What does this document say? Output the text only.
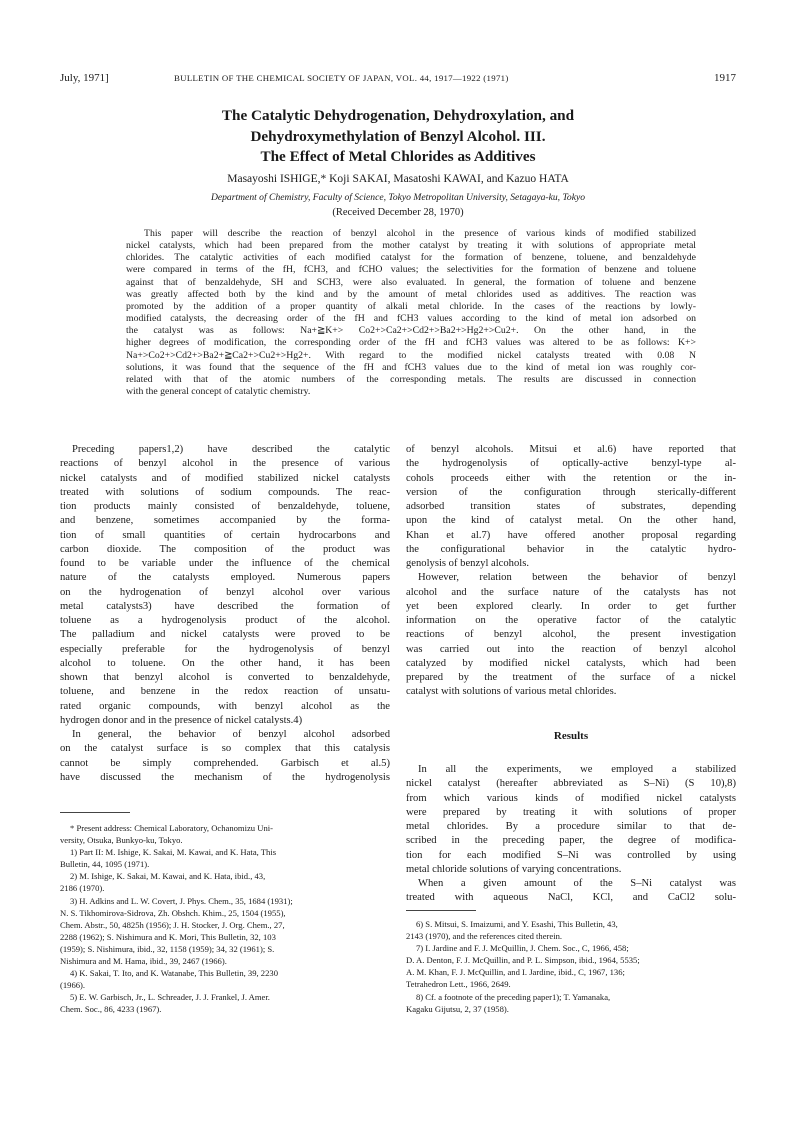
July, 1971]	BULLETIN OF THE CHEMICAL SOCIETY OF JAPAN, VOL. 44, 1917—1922 (1971)	1917
The Catalytic Dehydrogenation, Dehydroxylation, and
Dehydroxymethylation of Benzyl Alcohol. III.
The Effect of Metal Chlorides as Additives
Masayoshi ISHIGE,* Koji SAKAI, Masatoshi KAWAI, and Kazuo HATA
Department of Chemistry, Faculty of Science, Tokyo Metropolitan University, Setagaya-ku, Tokyo
(Received December 28, 1970)
This paper will describe the reaction of benzyl alcohol in the presence of various kinds of modified stabilized
nickel catalysts, which had been prepared from the mother catalyst by treating it with solutions of appropriate metal
chlorides. The catalytic activities of each modified catalyst for the formation of benzene, toluene, and benzaldehyde
were compared in terms of the fH, fCH3, and fCHO values; the selectivities for the formation of benzene and toluene
against that of benzaldehyde, SH and SCH3, were also evaluated. In general, the formation of toluene and benzene
was greatly affected both by the kind and by the amount of metal chlorides used as additives. The reaction was
promoted by the addition of a proper quantity of alkali metal chloride. In the cases of the reactions by lowly-
modified catalysts, the decreasing order of the fH and fCH3 values according to the kind of metal ion adsorbed on
the catalyst was as follows: Na+≧K+> Co2+>Ca2+>Cd2+>Ba2+>Hg2+>Cu2+. On the other hand, in the
higher degrees of modification, the corresponding order of the fH and fCH3 values was altered to be as follows: K+>
Na+>Co2+>Cd2+>Ba2+≧Ca2+>Cu2+>Hg2+. With regard to the modified nickel catalysts treated with 0.08 N
solutions, it was found that the sequence of the fH and fCH3 values due to the kind of metal ion was roughly cor-
related with that of the atomic numbers of the corresponding metals. The results are discussed in connection
with the general concept of catalytic chemistry.
Preceding papers1,2) have described the catalytic
reactions of benzyl alcohol in the presence of various
nickel catalysts and of modified stabilized nickel catalysts
treated with solutions of sodium compounds. The reac-
tion products mainly consisted of benzaldehyde, toluene,
and benzene, sometimes accompanied by the forma-
tion of small quantities of certain hydrocarbons and
carbon dioxide. The composition of the product was
found to be variable under the influence of the chemical
nature of the catalysts employed. Numerous papers
on the hydrogenation of benzyl alcohol over various
metal catalysts3) have described the formation of
toluene as a hydrogenolysis product of the alcohol.
The palladium and nickel catalysts were proved to be
especially preferable for the hydrogenolysis of benzyl
alcohol to toluene. On the other hand, it has been
shown that benzyl alcohol is converted to benzaldehyde,
toluene, and benzene in the redox reaction of unsatu-
rated organic compounds, with benzyl alcohol as the
hydrogen donor and in the presence of nickel catalysts.4)
In general, the behavior of benzyl alcohol adsorbed
on the catalyst surface is so complex that this catalysis
cannot be simply comprehended. Garbisch et al.5)
have discussed the mechanism of the hydrogenolysis
of benzyl alcohols. Mitsui et al.6) have reported that
the hydrogenolysis of optically-active benzyl-type al-
cohols proceeds either with the retention or the in-
version of the configuration through sterically-different
adsorbed transition states of substrates, depending
upon the kind of catalyst metal. On the other hand,
Khan et al.7) have offered another proposal regarding
the configurational behavior in the catalytic hydro-
genolysis of benzyl alcohols.
However, relation between the behavior of benzyl
alcohol and the surface nature of the catalysts has not
yet been explored clearly. In order to get further
information on the operative factor of the catalytic
reactions of benzyl alcohol, the present investigation
was carried out into the reaction of benzyl alcohol
catalyzed by modified nickel catalysts, which had been
prepared by the treatment of the surface of a nickel
catalyst with solutions of various metal chlorides.
Results
In all the experiments, we employed a stabilized
nickel catalyst (hereafter abbreviated as S–Ni) (S 10),8)
from which various kinds of modified nickel catalysts
were prepared by treating it with solutions of proper
metal chlorides. By a procedure similar to that de-
scribed in the preceding paper, the degree of modifica-
tion for each modified S–Ni was controlled by using
metal chloride solutions of varying concentrations.
When a given amount of the S–Ni catalyst was
treated with aqueous NaCl, KCl, and CaCl2 solu-
* Present address: Chemical Laboratory, Ochanomizu Uni-
versity, Otsuka, Bunkyo-ku, Tokyo.
1) Part II: M. Ishige, K. Sakai, M. Kawai, and K. Hata, This
Bulletin, 44, 1095 (1971).
2) M. Ishige, K. Sakai, M. Kawai, and K. Hata, ibid., 43,
2186 (1970).
3) H. Adkins and L. W. Covert, J. Phys. Chem., 35, 1684 (1931);
N. S. Tikhomirova-Sidrova, Zh. Obshch. Khim., 25, 1504 (1955),
Chem. Abstr., 50, 4825h (1956); J. H. Stocker, J. Org. Chem., 27,
2288 (1962); S. Nishimura and K. Mori, This Bulletin, 32, 103
(1959); S. Nishimura, ibid., 32, 1158 (1959); 34, 32 (1961); S.
Nishimura and M. Hama, ibid., 39, 2467 (1966).
4) K. Sakai, T. Ito, and K. Watanabe, This Bulletin, 39, 2230
(1966).
5) E. W. Garbisch, Jr., L. Schreader, J. J. Frankel, J. Amer.
Chem. Soc., 86, 4233 (1967).
6) S. Mitsui, S. Imaizumi, and Y. Esashi, This Bulletin, 43,
2143 (1970), and the references cited therein.
7) I. Jardine and F. J. McQuillin, J. Chem. Soc., C, 1966, 458;
D. A. Denton, F. J. McQuillin, and P. L. Simpson, ibid., 1964, 5535;
A. M. Khan, F. J. McQuillin, and I. Jardine, ibid., C, 1967, 136;
Tetrahedron Lett., 1966, 2649.
8) Cf. a footnote of the preceding paper1); T. Yamanaka,
Kagaku Gijutsu, 2, 37 (1958).
